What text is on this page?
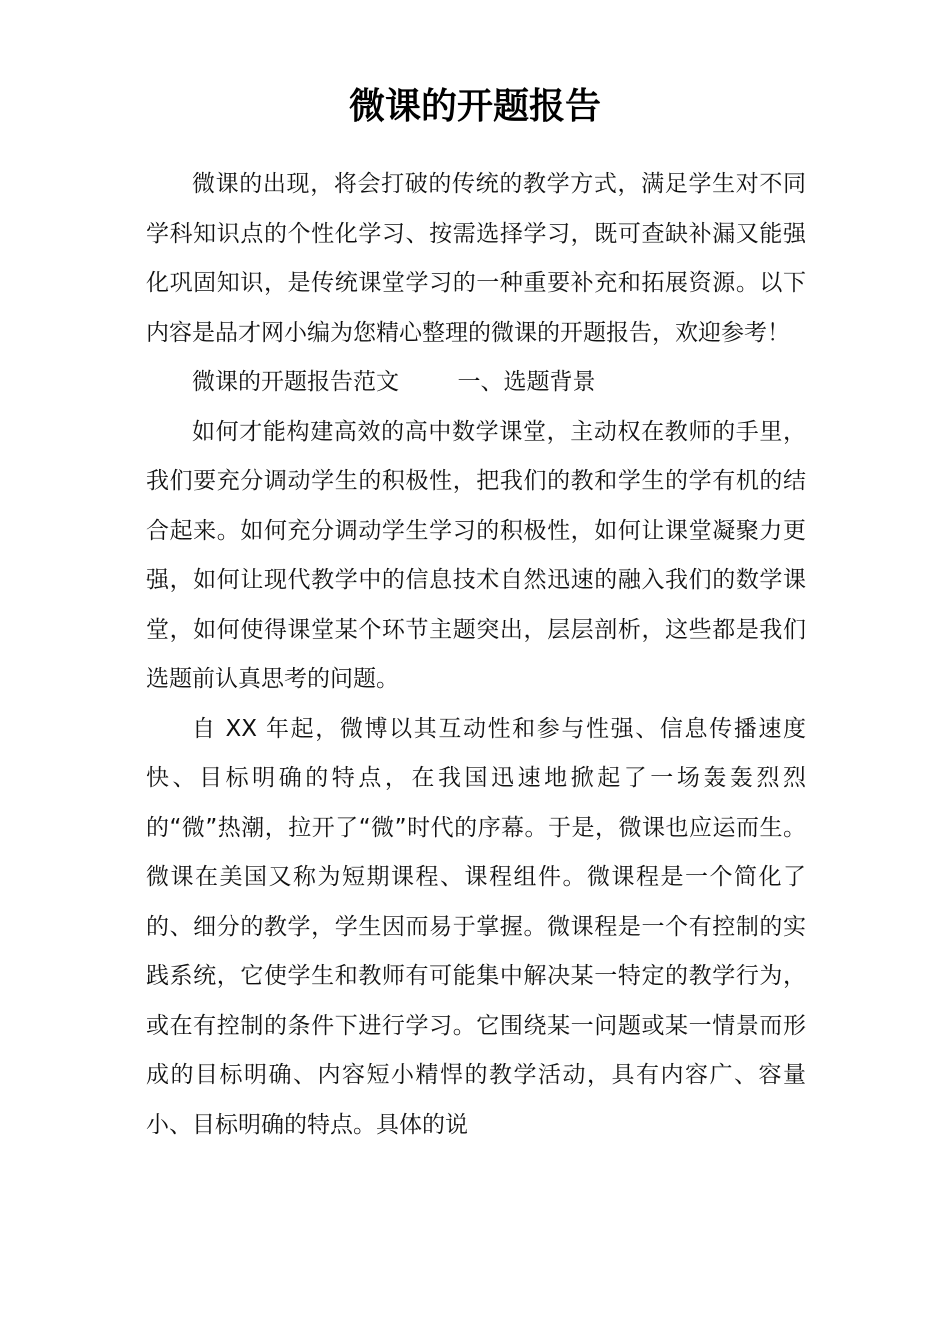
微课的开题报告

微课的出现，将会打破的传统的教学方式，满足学生对不同学科知识点的个性化学习、按需选择学习，既可查缺补漏又能强化巩固知识，是传统课堂学习的一种重要补充和拓展资源。以下内容是品才网小编为您精心整理的微课的开题报告，欢迎参考！

微课的开题报告范文	一、选题背景

如何才能构建高效的高中数学课堂，主动权在教师的手里，我们要充分调动学生的积极性，把我们的教和学生的学有机的结合起来。如何充分调动学生学习的积极性，如何让课堂凝聚力更强，如何让现代教学中的信息技术自然迅速的融入我们的数学课堂，如何使得课堂某个环节主题突出，层层剖析，这些都是我们选题前认真思考的问题。

自 XX 年起，微博以其互动性和参与性强、信息传播速度快、目标明确的特点，在我国迅速地掀起了一场轰轰烈烈的“微”热潮，拉开了“微”时代的序幕。于是，微课也应运而生。微课在美国又称为短期课程、课程组件。微课程是一个简化了的、细分的教学，学生因而易于掌握。微课程是一个有控制的实践系统，它使学生和教师有可能集中解决某一特定的教学行为，或在有控制的条件下进行学习。它围绕某一问题或某一情景而形成的目标明确、内容短小精悍的教学活动，具有内容广、容量小、目标明确的特点。具体的说
